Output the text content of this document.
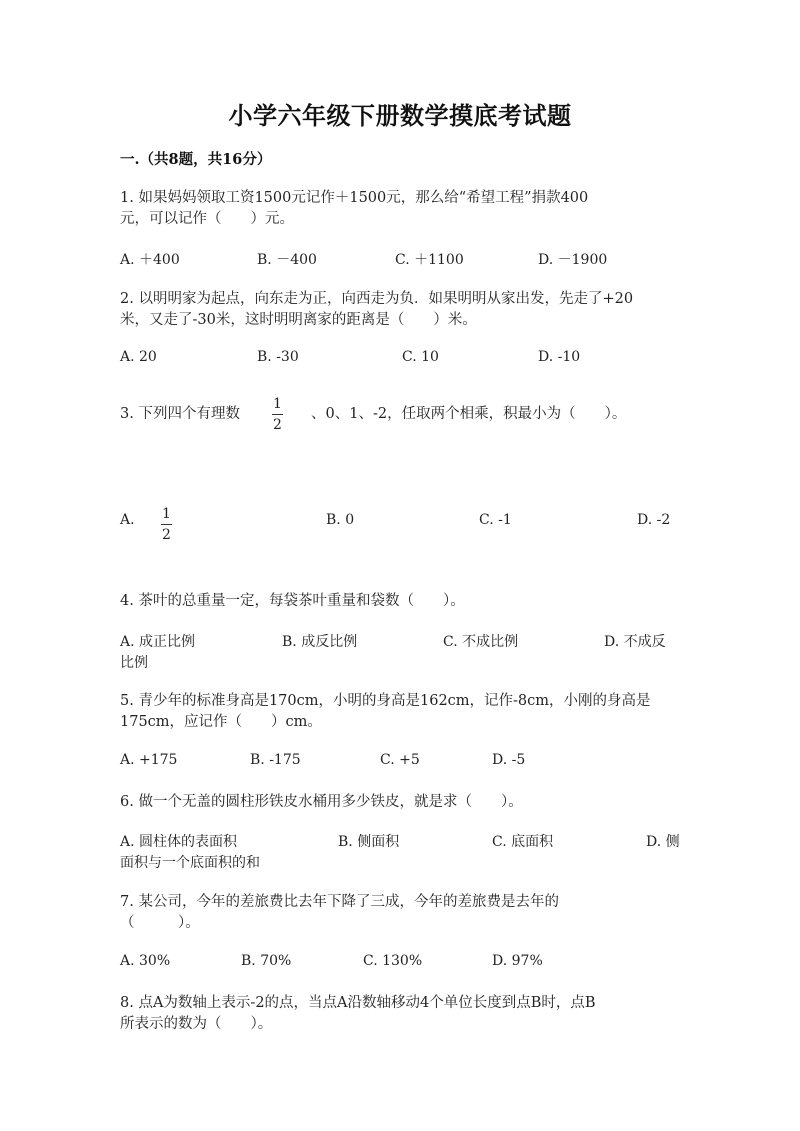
小学六年级下册数学摸底考试题
一.（共8题，共16分）
1. 如果妈妈领取工资1500元记作＋1500元，那么给“希望工程”捐款400
元，可以记作（　　）元。
A. ＋400	B. －400	C. ＋1100	D. －1900
2. 以明明家为起点，向东走为正，向西走为负．如果明明从家出发，先走了+20
米，又走了-30米，这时明明离家的距离是（　　）米。
A. 20	B. -30	C. 10	D. -10
3. 下列四个有理数
1
2
、0、1、-2，任取两个相乘，积最小为（　　）。
A. 1
2
B. 0	C. -1	D. -2
4. 茶叶的总重量一定，每袋茶叶重量和袋数（　　）。
A. 成正比例	B. 成反比例	C. 不成比例	D. 不成反
比例
5. 青少年的标准身高是170cm，小明的身高是162cm，记作-8cm，小刚的身高是
175cm，应记作（　　）cm。
A. +175	B. -175	C. +5	D. -5
6. 做一个无盖的圆柱形铁皮水桶用多少铁皮，就是求（　　）。
A. 圆柱体的表面积	B. 侧面积	C. 底面积	D. 侧
面积与一个底面积的和
7. 某公司，今年的差旅费比去年下降了三成，今年的差旅费是去年的
（　　　）。
A. 30%	B. 70%	C. 130%	D. 97%
8. 点A为数轴上表示-2的点，当点A沿数轴移动4个单位长度到点B时，点B
所表示的数为（　　）。
